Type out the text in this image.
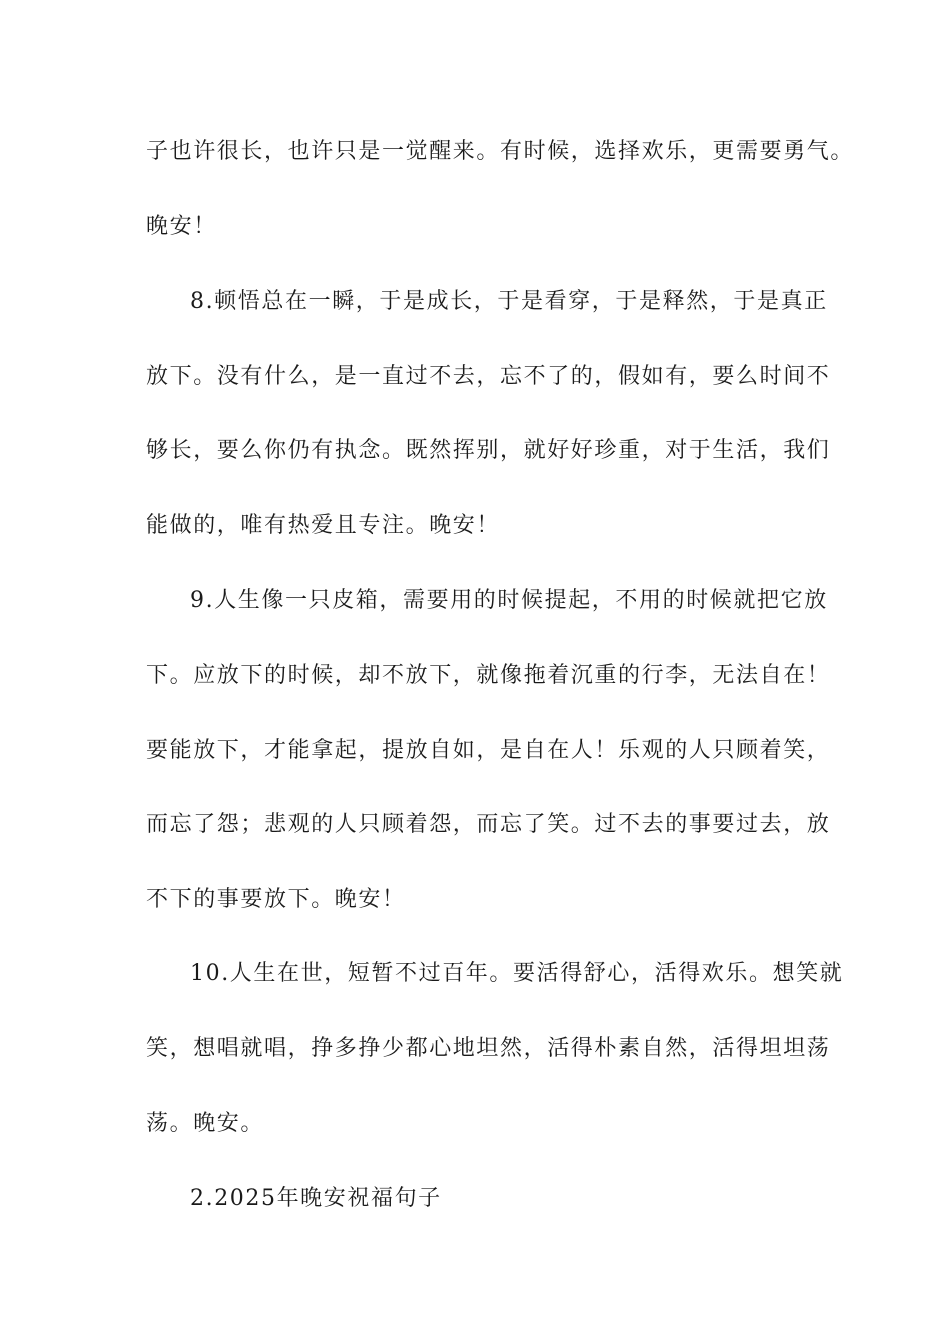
子也许很长，也许只是一觉醒来。有时候，选择欢乐，更需要勇气。

晚安！

8.顿悟总在一瞬，于是成长，于是看穿，于是释然，于是真正

放下。没有什么，是一直过不去，忘不了的，假如有，要么时间不

够长，要么你仍有执念。既然挥别，就好好珍重，对于生活，我们

能做的，唯有热爱且专注。晚安！

9.人生像一只皮箱，需要用的时候提起，不用的时候就把它放

下。应放下的时候，却不放下，就像拖着沉重的行李，无法自在！

要能放下，才能拿起，提放自如，是自在人！乐观的人只顾着笑，

而忘了怨；悲观的人只顾着怨，而忘了笑。过不去的事要过去，放

不下的事要放下。晚安！

10.人生在世，短暂不过百年。要活得舒心，活得欢乐。想笑就

笑，想唱就唱，挣多挣少都心地坦然，活得朴素自然，活得坦坦荡

荡。晚安。

2.2025年晚安祝福句子
